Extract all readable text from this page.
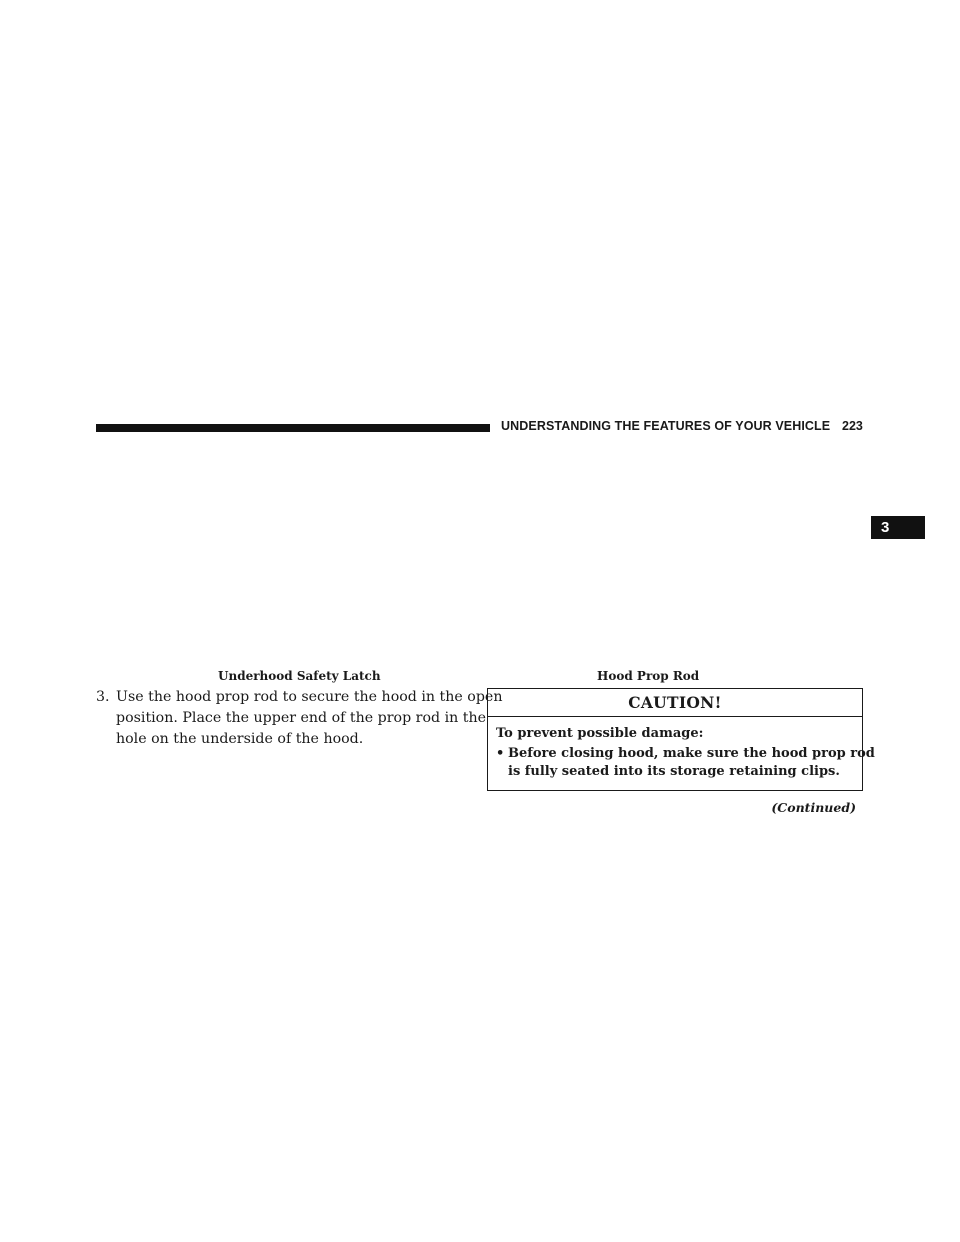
UNDERSTANDING THE FEATURES OF YOUR VEHICLE 223
3
Underhood Safety Latch	Hood Prop Rod
3. Use the hood prop rod to secure the hood in the open
position. Place the upper end of the prop rod in the
hole on the underside of the hood.
CAUTION!
To prevent possible damage:
• Before closing hood, make sure the hood prop rod
is fully seated into its storage retaining clips.
(Continued)
